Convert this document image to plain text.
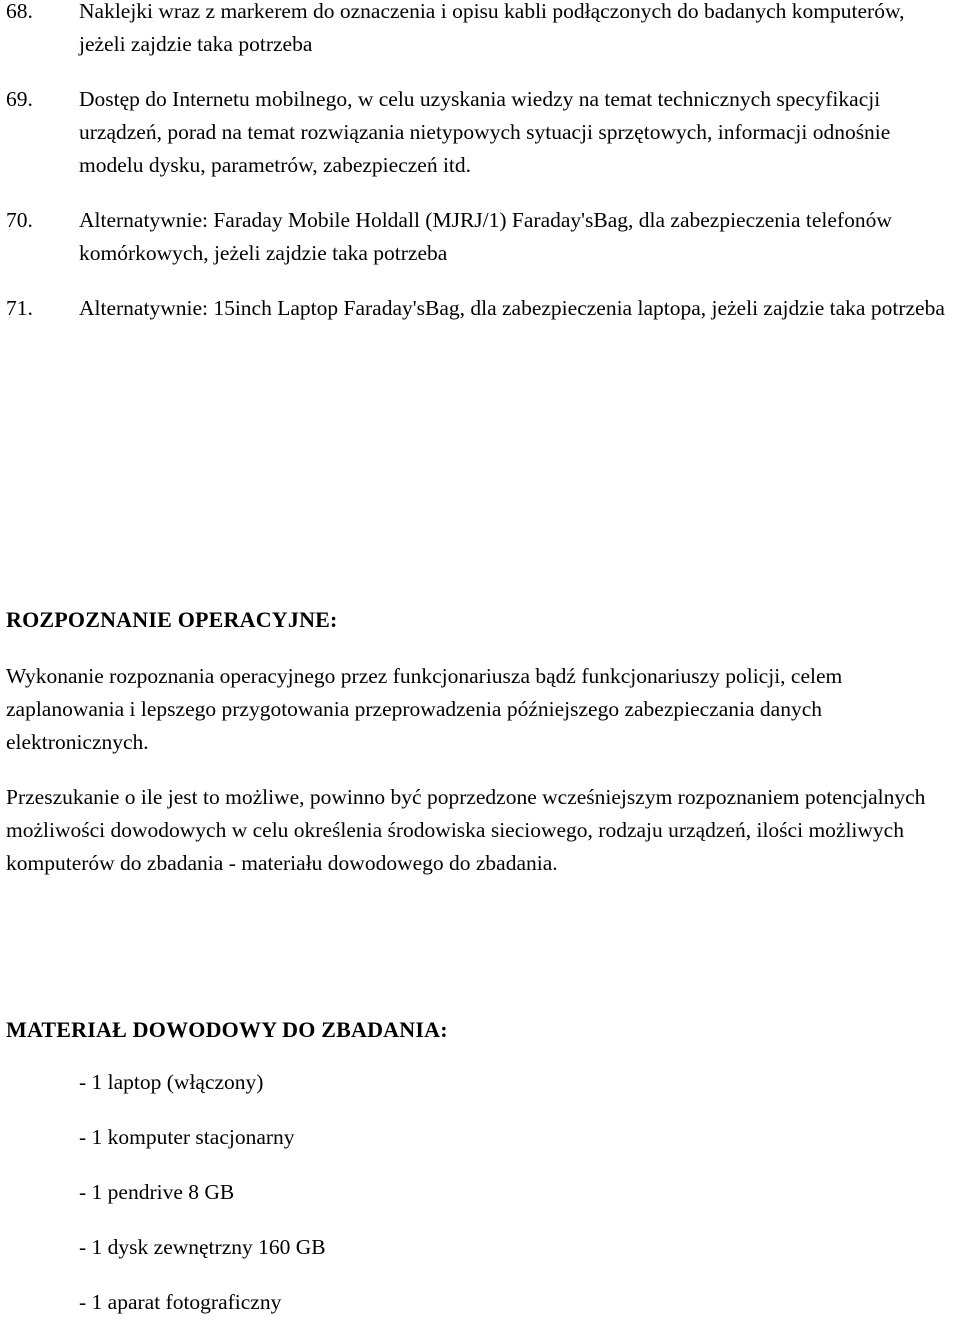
68. Naklejki wraz z markerem do oznaczenia i opisu kabli podłączonych do badanych komputerów, jeżeli zajdzie taka potrzeba
69. Dostęp do Internetu mobilnego, w celu uzyskania wiedzy na temat technicznych specyfikacji urządzeń, porad na temat rozwiązania nietypowych sytuacji sprzętowych, informacji odnośnie modelu dysku, parametrów, zabezpieczeń itd.
70. Alternatywnie: Faraday Mobile Holdall (MJRJ/1) Faraday'sBag, dla zabezpieczenia telefonów komórkowych, jeżeli zajdzie taka potrzeba
71. Alternatywnie: 15inch Laptop Faraday'sBag, dla zabezpieczenia laptopa, jeżeli zajdzie taka potrzeba
ROZPOZNANIE OPERACYJNE:

Wykonanie rozpoznania operacyjnego przez funkcjonariusza bądź funkcjonariuszy policji, celem zaplanowania i lepszego przygotowania przeprowadzenia późniejszego zabezpieczania danych elektronicznych.

Przeszukanie o ile jest to możliwe, powinno być poprzedzone wcześniejszym rozpoznaniem potencjalnych możliwości dowodowych w celu określenia środowiska sieciowego, rodzaju urządzeń, ilości możliwych komputerów do zbadania - materiału dowodowego do zbadania.

MATERIAŁ DOWODOWY DO ZBADANIA:
- 1 laptop (włączony)
- 1 komputer stacjonarny
- 1 pendrive 8 GB
- 1 dysk zewnętrzny 160 GB
- 1 aparat fotograficzny
